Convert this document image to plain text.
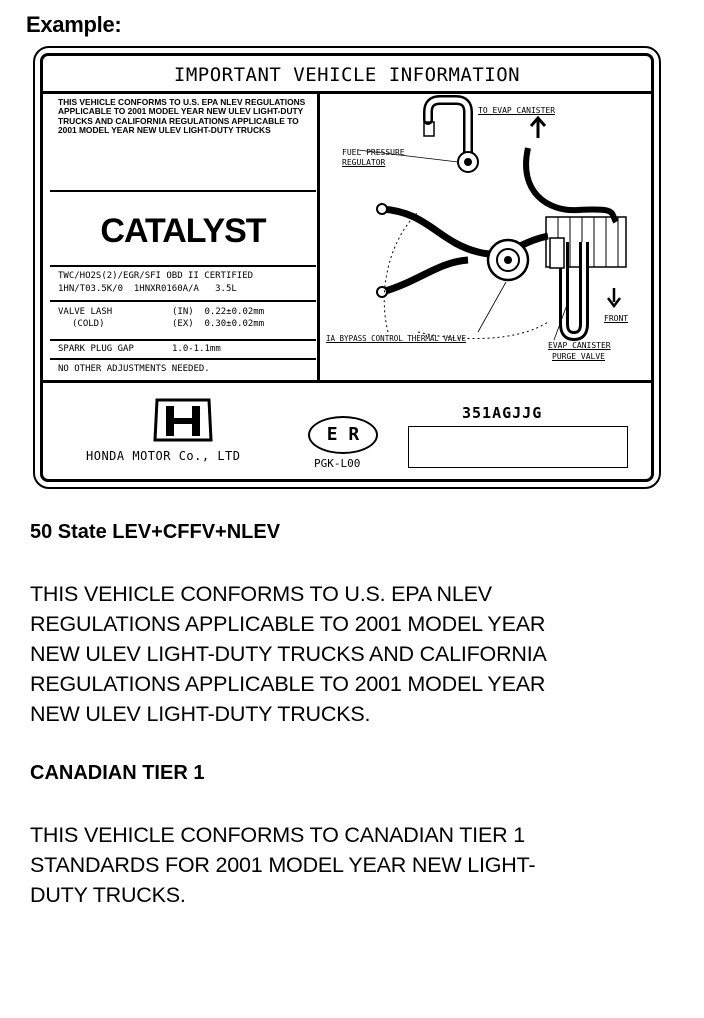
Example:
IMPORTANT VEHICLE INFORMATION
THIS VEHICLE CONFORMS TO U.S. EPA NLEV REGULATIONS APPLICABLE TO 2001 MODEL YEAR NEW ULEV LIGHT-DUTY TRUCKS AND CALIFORNIA REGULATIONS APPLICABLE TO 2001 MODEL YEAR NEW ULEV LIGHT-DUTY TRUCKS
CATALYST
TWC/HO2S(2)/EGR/SFI OBD II CERTIFIED
1HN/T03.5K/0  1HNXR0160A/A   3.5L
VALVE LASH
(COLD)
(IN)  0.22±0.02mm
(EX)  0.30±0.02mm
SPARK PLUG GAP	1.0-1.1mm
NO OTHER ADJUSTMENTS NEEDED.
TO EVAP CANISTER
FUEL PRESSURE
REGULATOR
FRONT
IA BYPASS CONTROL THERMAL VALVE
EVAP CANISTER
PURGE VALVE
HONDA MOTOR Co., LTD
E R
PGK-L00
351AGJJG
50 State LEV+CFFV+NLEV
THIS VEHICLE CONFORMS TO U.S. EPA NLEV
REGULATIONS APPLICABLE TO 2001 MODEL YEAR
NEW ULEV LIGHT-DUTY TRUCKS AND CALIFORNIA
REGULATIONS APPLICABLE TO 2001 MODEL YEAR
NEW ULEV LIGHT-DUTY TRUCKS.
CANADIAN TIER 1
THIS VEHICLE CONFORMS TO CANADIAN TIER 1
STANDARDS FOR 2001 MODEL YEAR NEW LIGHT-
DUTY TRUCKS.
